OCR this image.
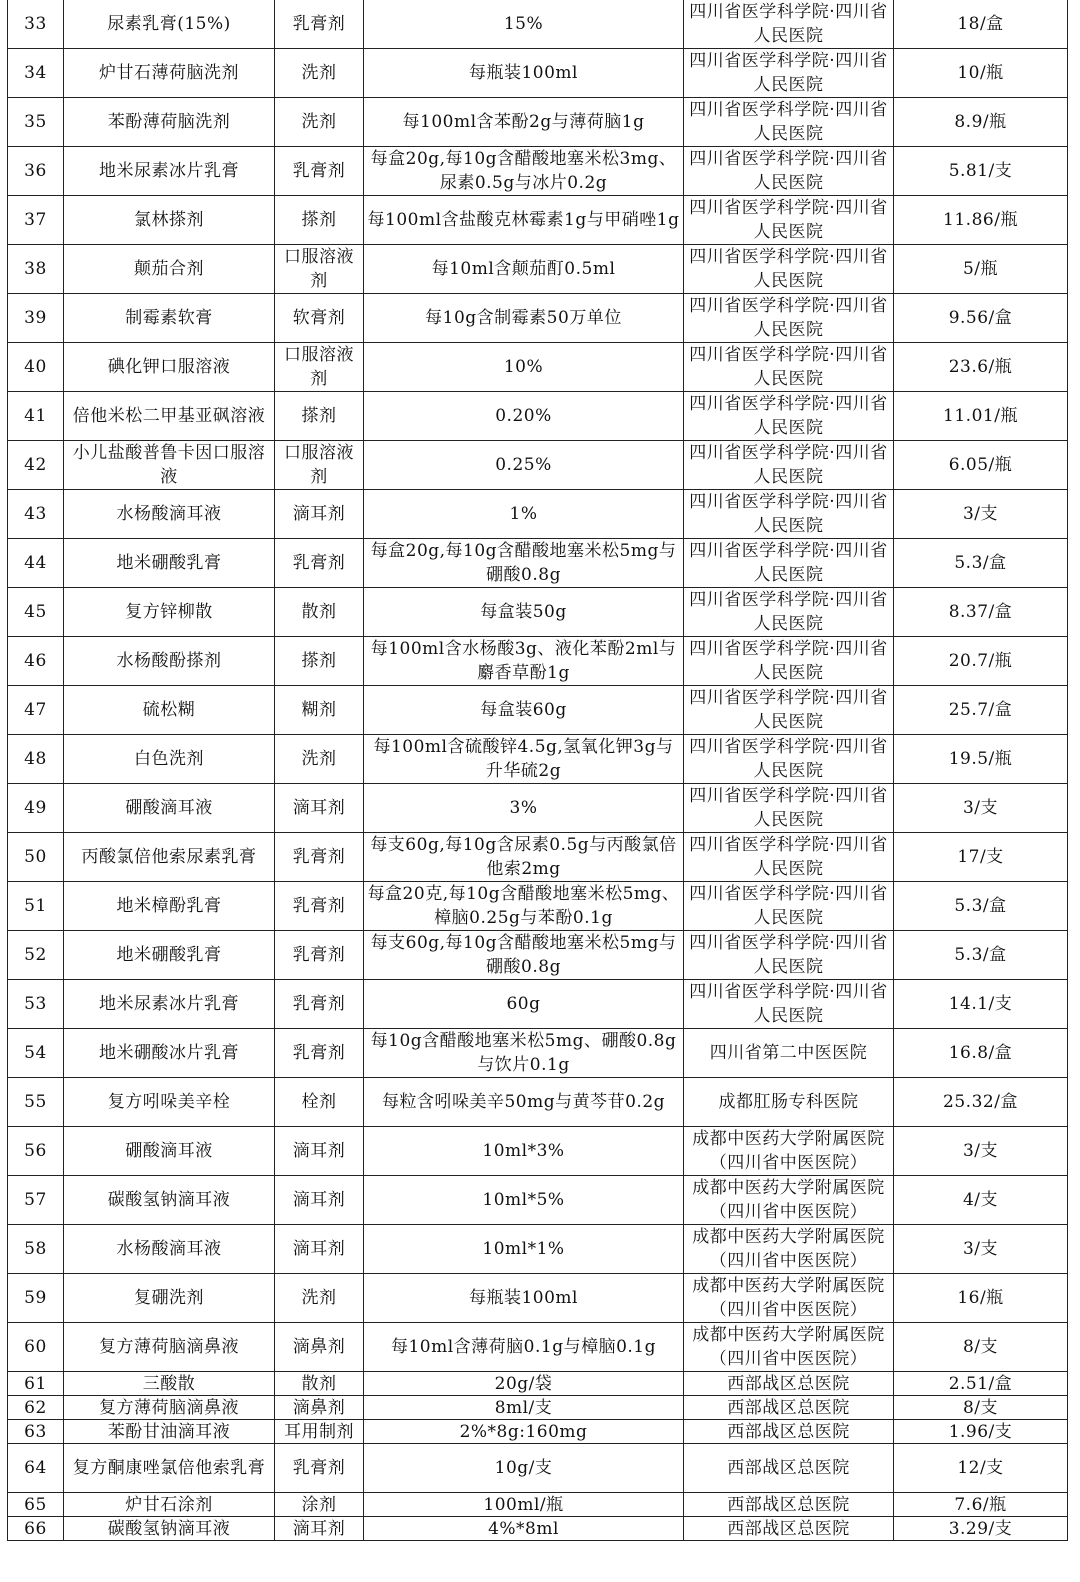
33	尿素乳膏(15%)	乳膏剂	15%	四川省医学科学院·四川省人民医院	18/盒
34	炉甘石薄荷脑洗剂	洗剂	每瓶装100ml	四川省医学科学院·四川省人民医院	10/瓶
35	苯酚薄荷脑洗剂	洗剂	每100ml含苯酚2g与薄荷脑1g	四川省医学科学院·四川省人民医院	8.9/瓶
36	地米尿素冰片乳膏	乳膏剂	每盒20g,每10g含醋酸地塞米松3mg、尿素0.5g与冰片0.2g	四川省医学科学院·四川省人民医院	5.81/支
37	氯林搽剂	搽剂	每100ml含盐酸克林霉素1g与甲硝唑1g	四川省医学科学院·四川省人民医院	11.86/瓶
38	颠茄合剂	口服溶液剂	每10ml含颠茄酊0.5ml	四川省医学科学院·四川省人民医院	5/瓶
39	制霉素软膏	软膏剂	每10g含制霉素50万单位	四川省医学科学院·四川省人民医院	9.56/盒
40	碘化钾口服溶液	口服溶液剂	10%	四川省医学科学院·四川省人民医院	23.6/瓶
41	倍他米松二甲基亚砜溶液	搽剂	0.20%	四川省医学科学院·四川省人民医院	11.01/瓶
42	小儿盐酸普鲁卡因口服溶液	口服溶液剂	0.25%	四川省医学科学院·四川省人民医院	6.05/瓶
43	水杨酸滴耳液	滴耳剂	1%	四川省医学科学院·四川省人民医院	3/支
44	地米硼酸乳膏	乳膏剂	每盒20g,每10g含醋酸地塞米松5mg与硼酸0.8g	四川省医学科学院·四川省人民医院	5.3/盒
45	复方锌柳散	散剂	每盒装50g	四川省医学科学院·四川省人民医院	8.37/盒
46	水杨酸酚搽剂	搽剂	每100ml含水杨酸3g、液化苯酚2ml与麝香草酚1g	四川省医学科学院·四川省人民医院	20.7/瓶
47	硫松糊	糊剂	每盒装60g	四川省医学科学院·四川省人民医院	25.7/盒
48	白色洗剂	洗剂	每100ml含硫酸锌4.5g,氢氧化钾3g与升华硫2g	四川省医学科学院·四川省人民医院	19.5/瓶
49	硼酸滴耳液	滴耳剂	3%	四川省医学科学院·四川省人民医院	3/支
50	丙酸氯倍他索尿素乳膏	乳膏剂	每支60g,每10g含尿素0.5g与丙酸氯倍他索2mg	四川省医学科学院·四川省人民医院	17/支
51	地米樟酚乳膏	乳膏剂	每盒20克,每10g含醋酸地塞米松5mg、樟脑0.25g与苯酚0.1g	四川省医学科学院·四川省人民医院	5.3/盒
52	地米硼酸乳膏	乳膏剂	每支60g,每10g含醋酸地塞米松5mg与硼酸0.8g	四川省医学科学院·四川省人民医院	5.3/盒
53	地米尿素冰片乳膏	乳膏剂	60g	四川省医学科学院·四川省人民医院	14.1/支
54	地米硼酸冰片乳膏	乳膏剂	每10g含醋酸地塞米松5mg、硼酸0.8g与饮片0.1g	四川省第二中医医院	16.8/盒
55	复方吲哚美辛栓	栓剂	每粒含吲哚美辛50mg与黄芩苷0.2g	成都肛肠专科医院	25.32/盒
56	硼酸滴耳液	滴耳剂	10ml*3%	成都中医药大学附属医院（四川省中医医院）	3/支
57	碳酸氢钠滴耳液	滴耳剂	10ml*5%	成都中医药大学附属医院（四川省中医医院）	4/支
58	水杨酸滴耳液	滴耳剂	10ml*1%	成都中医药大学附属医院（四川省中医医院）	3/支
59	复硼洗剂	洗剂	每瓶装100ml	成都中医药大学附属医院（四川省中医医院）	16/瓶
60	复方薄荷脑滴鼻液	滴鼻剂	每10ml含薄荷脑0.1g与樟脑0.1g	成都中医药大学附属医院（四川省中医医院）	8/支
61	三酸散	散剂	20g/袋	西部战区总医院	2.51/盒
62	复方薄荷脑滴鼻液	滴鼻剂	8ml/支	西部战区总医院	8/支
63	苯酚甘油滴耳液	耳用制剂	2%*8g:160mg	西部战区总医院	1.96/支
64	复方酮康唑氯倍他索乳膏	乳膏剂	10g/支	西部战区总医院	12/支
65	炉甘石涂剂	涂剂	100ml/瓶	西部战区总医院	7.6/瓶
66	碳酸氢钠滴耳液	滴耳剂	4%*8ml	西部战区总医院	3.29/支
